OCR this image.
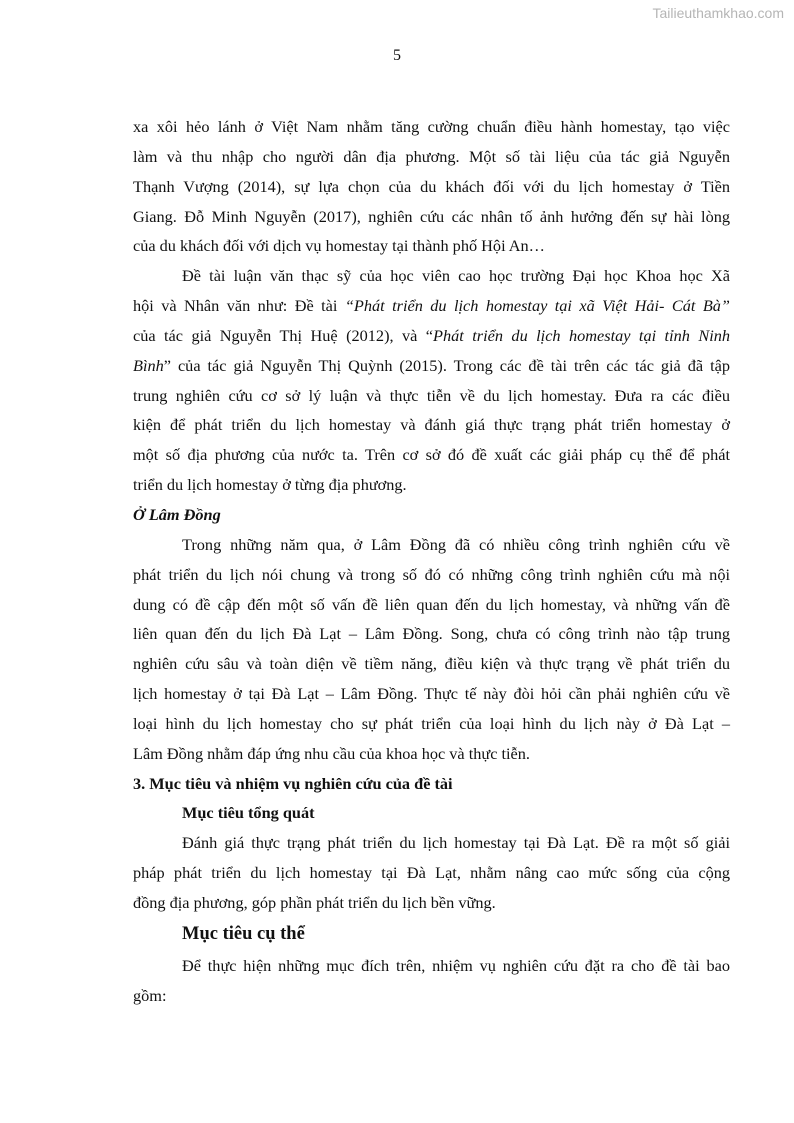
Tailieuthamkhao.com
5
xa xôi hẻo lánh ở Việt Nam nhằm tăng cường chuẩn điều hành homestay, tạo việc
làm và thu nhập cho người dân địa phương. Một số tài liệu của tác giả Nguyễn
Thạnh Vượng (2014), sự lựa chọn của du khách đối với du lịch homestay ở Tiền
Giang. Đỗ Minh Nguyễn (2017), nghiên cứu các nhân tố ảnh hưởng đến sự hài lòng
của du khách đối với dịch vụ homestay tại thành phố Hội An…
Đề tài luận văn thạc sỹ của học viên cao học trường Đại học Khoa học Xã
hội và Nhân văn như: Đề tài “Phát triển du lịch homestay tại xã Việt Hải- Cát Bà”
của tác giả Nguyễn Thị Huệ (2012), và “Phát triển du lịch homestay tại tỉnh Ninh
Bình” của tác giả Nguyễn Thị Quỳnh (2015). Trong các đề tài trên các tác giả đã tập
trung nghiên cứu cơ sở lý luận và thực tiễn về du lịch homestay. Đưa ra các điều
kiện để phát triển du lịch homestay và đánh giá thực trạng phát triển homestay ở
một số địa phương của nước ta. Trên cơ sở đó đề xuất các giải pháp cụ thể để phát
triển du lịch homestay ở từng địa phương.
Ở Lâm Đồng
Trong những năm qua, ở Lâm Đồng đã có nhiều công trình nghiên cứu về
phát triển du lịch nói chung và trong số đó có những công trình nghiên cứu mà nội
dung có đề cập đến một số vấn đề liên quan đến du lịch homestay, và những vấn đề
liên quan đến du lịch Đà Lạt – Lâm Đồng. Song, chưa có công trình nào tập trung
nghiên cứu sâu và toàn diện về tiềm năng, điều kiện và thực trạng về phát triển du
lịch homestay ở tại Đà Lạt – Lâm Đồng. Thực tế này đòi hỏi cần phải nghiên cứu về
loại hình du lịch homestay cho sự phát triển của loại hình du lịch này ở Đà Lạt –
Lâm Đồng nhằm đáp ứng nhu cầu của khoa học và thực tiễn.
3. Mục tiêu và nhiệm vụ nghiên cứu của đề tài
Mục tiêu tổng quát
Đánh giá thực trạng phát triển du lịch homestay tại Đà Lạt. Đề ra một số giải
pháp phát triển du lịch homestay tại Đà Lạt, nhằm nâng cao mức sống của cộng
đồng địa phương, góp phần phát triển du lịch bền vững.
Mục tiêu cụ thể
Để thực hiện những mục đích trên, nhiệm vụ nghiên cứu đặt ra cho đề tài bao
gồm:
